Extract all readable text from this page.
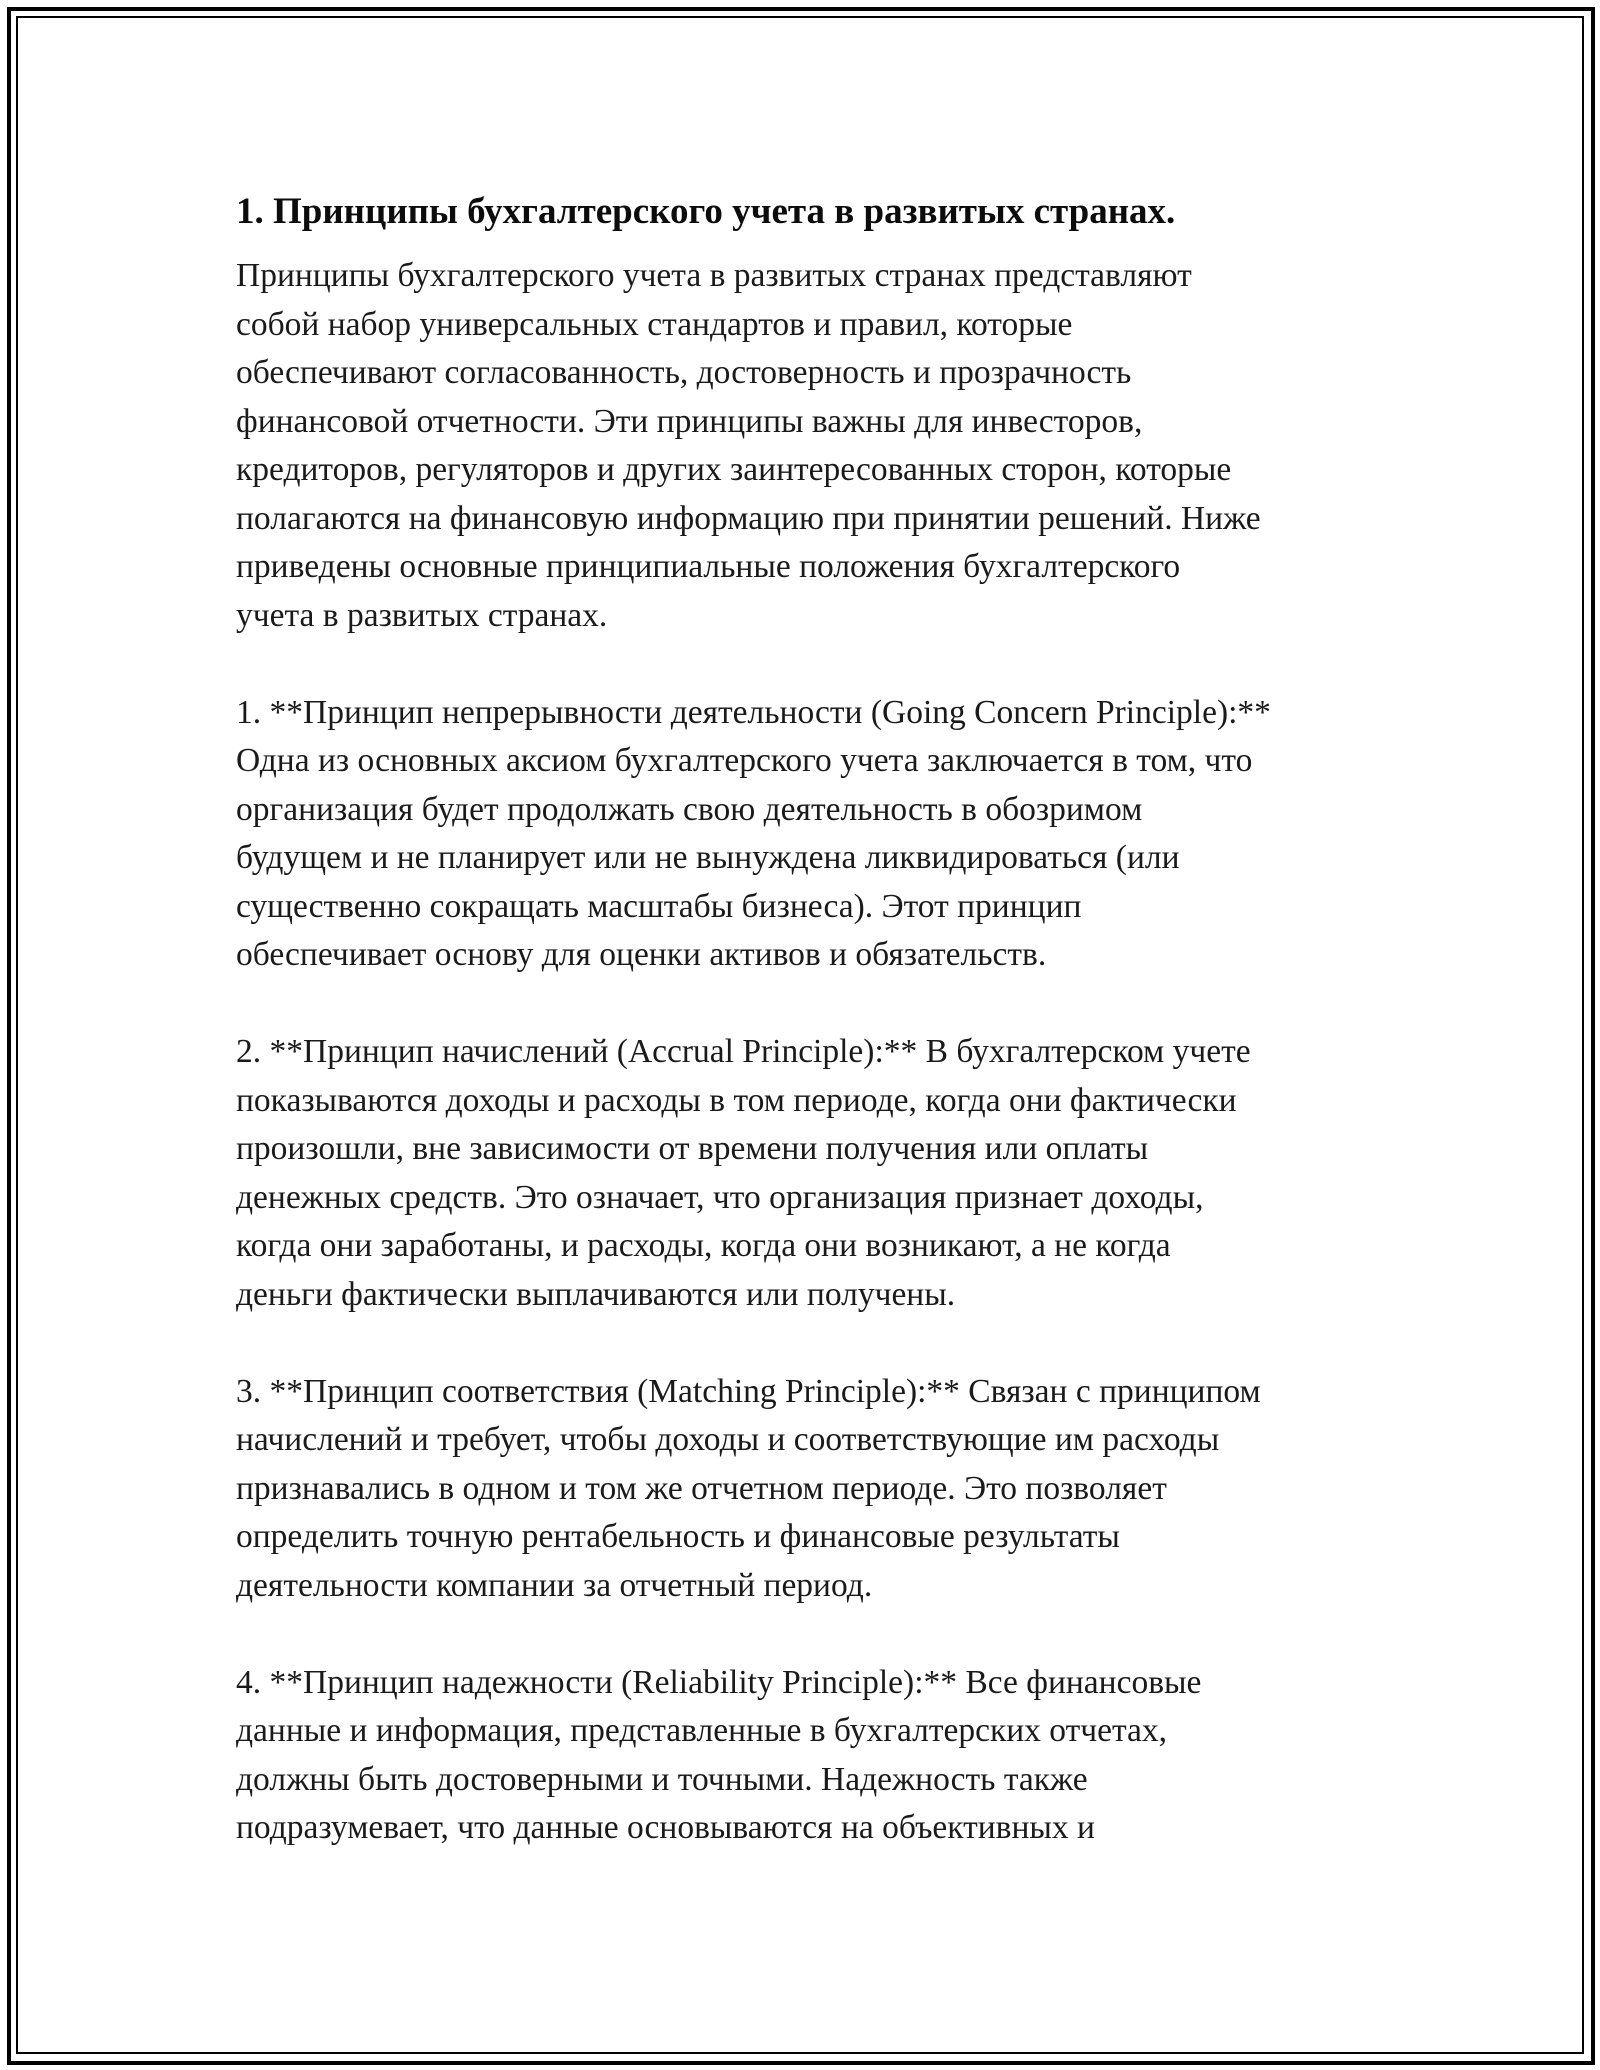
1. Принципы бухгалтерского учета в развитых странах.

Принципы бухгалтерского учета в развитых странах представляют
собой набор универсальных стандартов и правил, которые
обеспечивают согласованность, достоверность и прозрачность
финансовой отчетности. Эти принципы важны для инвесторов,
кредиторов, регуляторов и других заинтересованных сторон, которые
полагаются на финансовую информацию при принятии решений. Ниже
приведены основные принципиальные положения бухгалтерского
учета в развитых странах.

1. **Принцип непрерывности деятельности (Going Concern Principle):**
Одна из основных аксиом бухгалтерского учета заключается в том, что
организация будет продолжать свою деятельность в обозримом
будущем и не планирует или не вынуждена ликвидироваться (или
существенно сокращать масштабы бизнеса). Этот принцип
обеспечивает основу для оценки активов и обязательств.

2. **Принцип начислений (Accrual Principle):** В бухгалтерском учете
показываются доходы и расходы в том периоде, когда они фактически
произошли, вне зависимости от времени получения или оплаты
денежных средств. Это означает, что организация признает доходы,
когда они заработаны, и расходы, когда они возникают, а не когда
деньги фактически выплачиваются или получены.

3. **Принцип соответствия (Matching Principle):** Связан с принципом
начислений и требует, чтобы доходы и соответствующие им расходы
признавались в одном и том же отчетном периоде. Это позволяет
определить точную рентабельность и финансовые результаты
деятельности компании за отчетный период.

4. **Принцип надежности (Reliability Principle):** Все финансовые
данные и информация, представленные в бухгалтерских отчетах,
должны быть достоверными и точными. Надежность также
подразумевает, что данные основываются на объективных и
